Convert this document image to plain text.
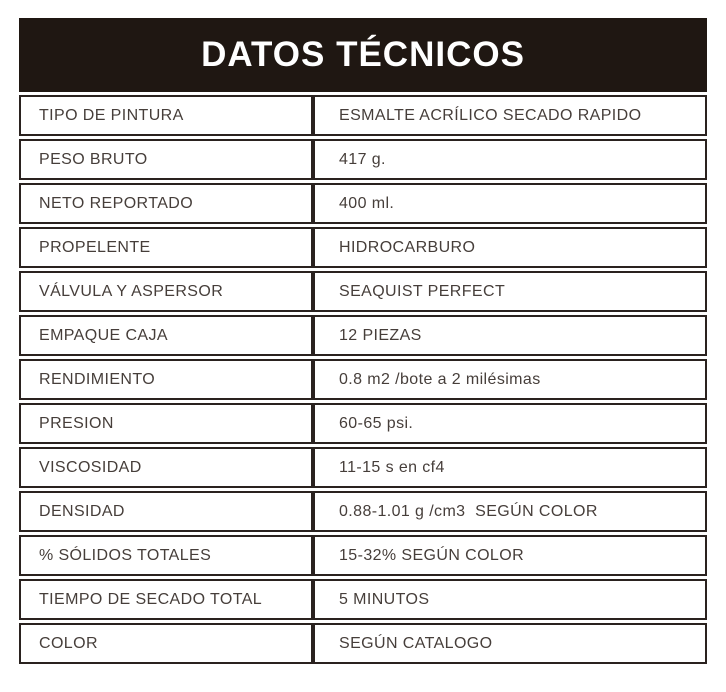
DATOS TÉCNICOS
TIPO DE PINTURA	ESMALTE ACRÍLICO SECADO RAPIDO
PESO BRUTO	417 g.
NETO REPORTADO	400 ml.
PROPELENTE	HIDROCARBURO
VÁLVULA Y ASPERSOR	SEAQUIST PERFECT
EMPAQUE CAJA	12 PIEZAS
RENDIMIENTO	0.8 m2 /bote a 2 milésimas
PRESION	60-65 psi.
VISCOSIDAD	11-15 s en cf4
DENSIDAD	0.88-1.01 g /cm3  SEGÚN COLOR
% SÓLIDOS TOTALES	15-32% SEGÚN COLOR
TIEMPO DE SECADO TOTAL	5 MINUTOS
COLOR	SEGÚN CATALOGO
